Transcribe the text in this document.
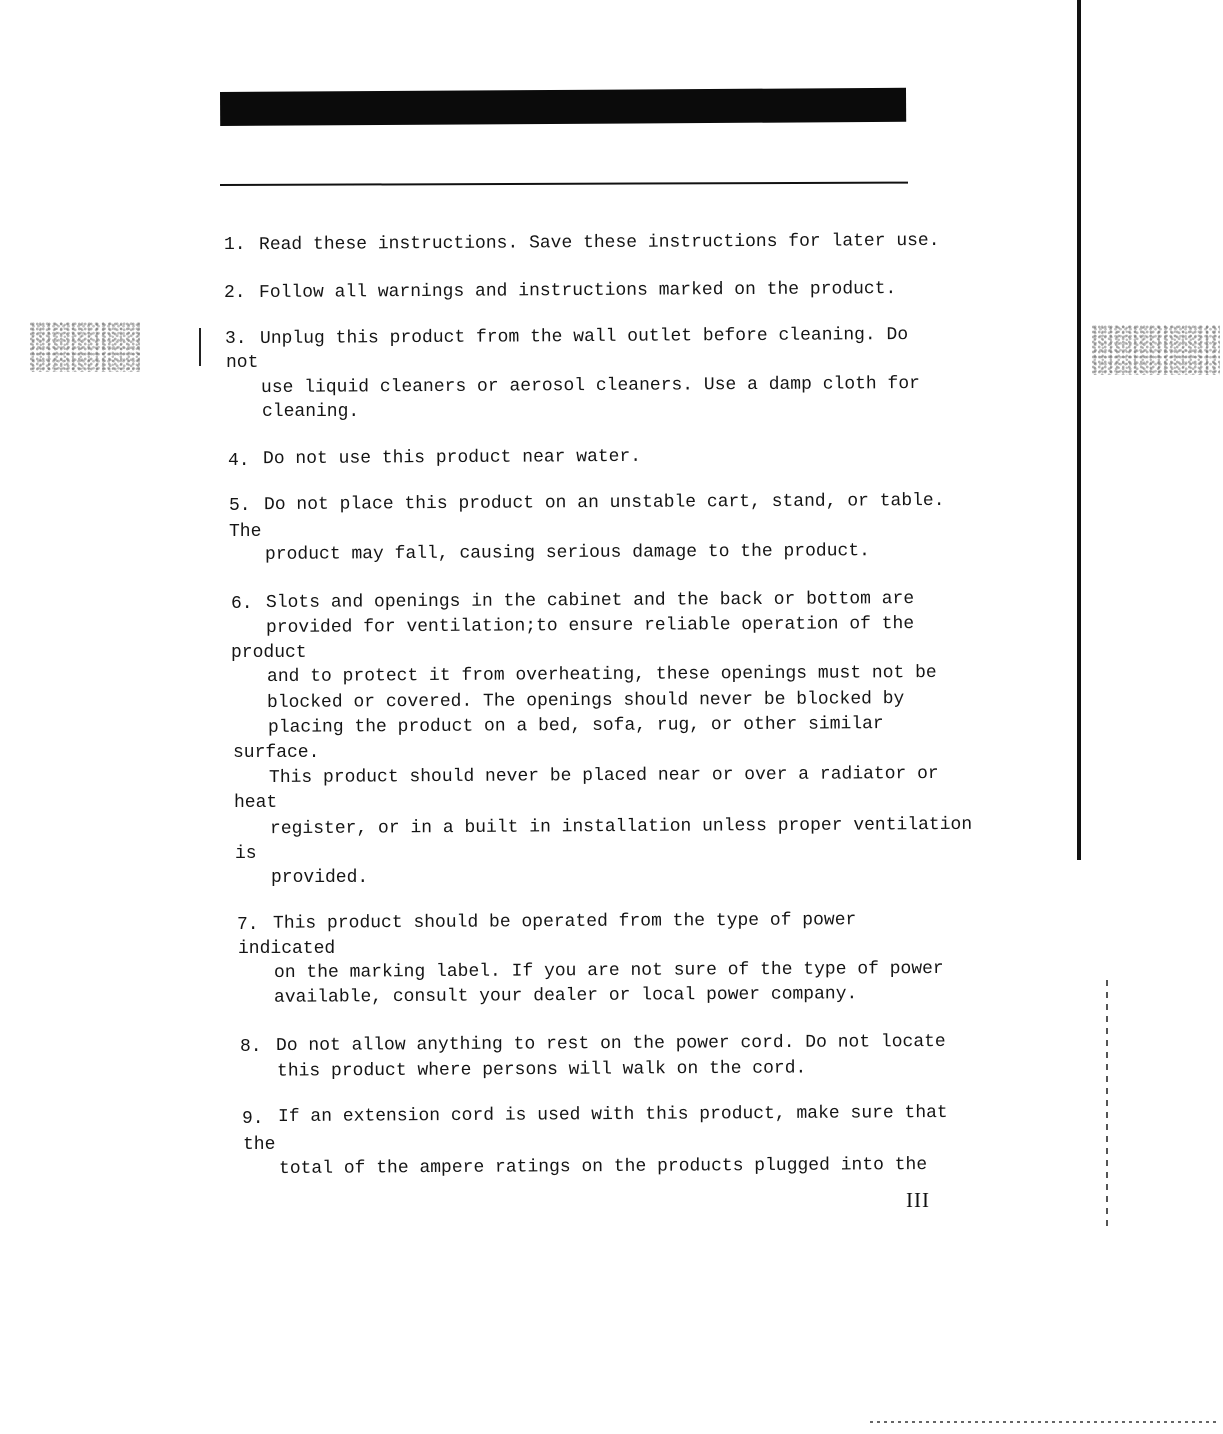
1. Read these instructions. Save these instructions for later use.
2. Follow all warnings and instructions marked on the product.
3. Unplug this product from the wall outlet before cleaning. Do
not
use liquid cleaners or aerosol cleaners. Use a damp cloth for
cleaning.
4. Do not use this product near water.
5. Do not place this product on an unstable cart, stand, or table.
The
product may fall, causing serious damage to the product.
6. Slots and openings in the cabinet and the back or bottom are
provided for ventilation;to ensure reliable operation of the
product
and to protect it from overheating, these openings must not be
blocked or covered. The openings should never be blocked by
placing the product on a bed, sofa, rug, or other similar
surface.
This product should never be placed near or over a radiator or
heat
register, or in a built in installation unless proper ventilation
is
provided.
7. This product should be operated from the type of power
indicated
on the marking label. If you are not sure of the type of power
available, consult your dealer or local power company.
8. Do not allow anything to rest on the power cord. Do not locate
this product where persons will walk on the cord.
9. If an extension cord is used with this product, make sure that
the
total of the ampere ratings on the products plugged into the
III
